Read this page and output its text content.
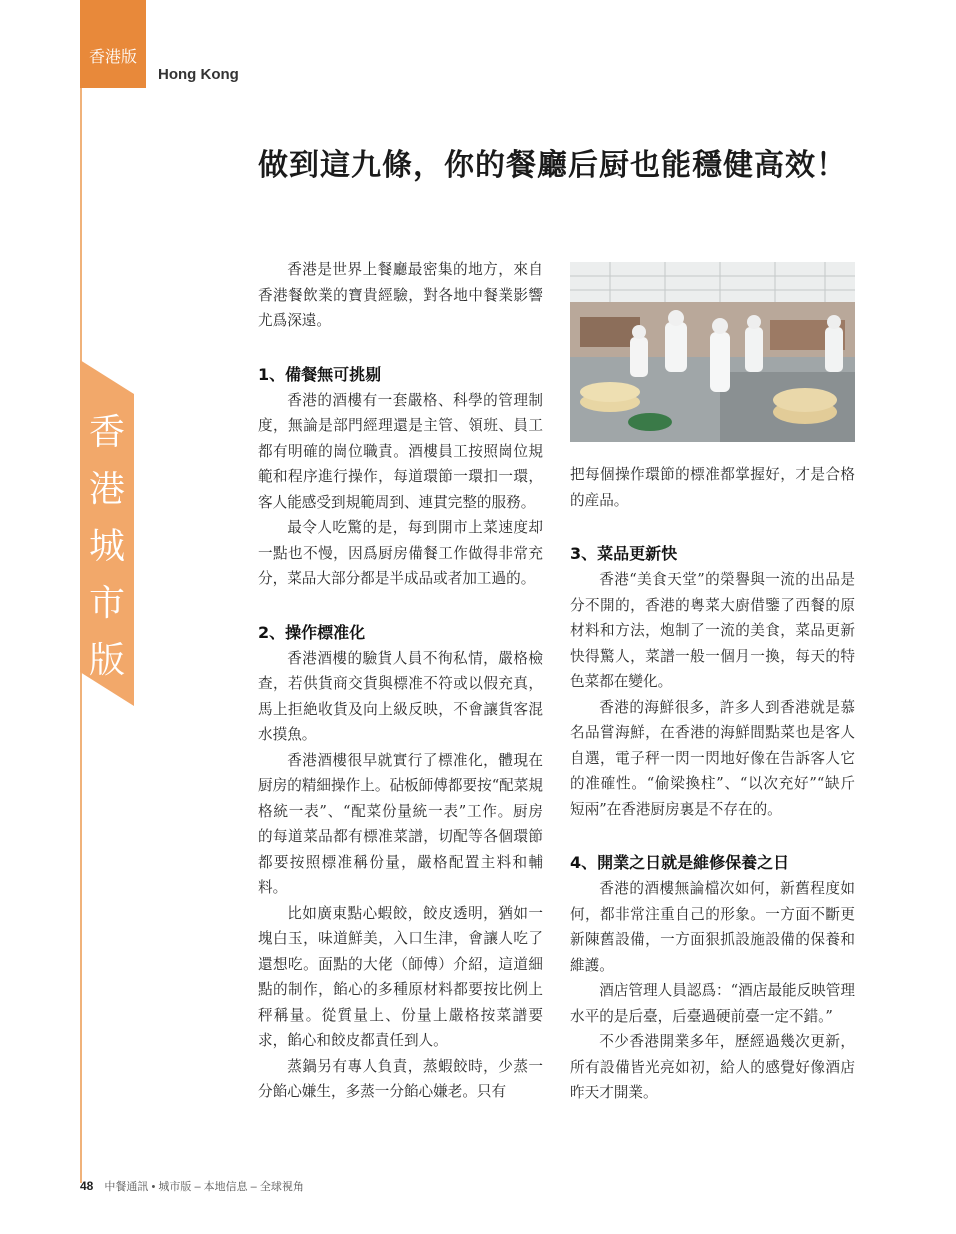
香港版
Hong Kong
香
港
城
市
版
做到這九條，你的餐廳后厨也能穩健高效！

香港是世界上餐廳最密集的地方，來自香港餐飲業的寶貴經驗，對各地中餐業影響尤爲深遠。

1、備餐無可挑剔

香港的酒樓有一套嚴格、科學的管理制度，無論是部門經理還是主管、領班、員工都有明確的崗位職責。酒樓員工按照崗位規範和程序進行操作，每道環節一環扣一環，客人能感受到規範周到、連貫完整的服務。

最令人吃驚的是，每到開市上菜速度却一點也不慢，因爲厨房備餐工作做得非常充分，菜品大部分都是半成品或者加工過的。

2、操作標准化

香港酒樓的驗貨人員不徇私情，嚴格檢查，若供貨商交貨與標准不符或以假充真，馬上拒絶收貨及向上級反映，不會讓貨客混水摸魚。

香港酒樓很早就實行了標准化，體現在厨房的精細操作上。砧板師傅都要按“配菜規格統一表”、“配菜份量統一表”工作。厨房的每道菜品都有標准菜譜，切配等各個環節都要按照標准稱份量，嚴格配置主料和輔料。

比如廣東點心蝦餃，餃皮透明，猶如一塊白玉，味道鮮美，入口生津，會讓人吃了還想吃。面點的大佬（師傅）介紹，這道細點的制作，餡心的多種原材料都要按比例上秤稱量。從質量上、份量上嚴格按菜譜要求，餡心和餃皮都責任到人。

蒸鍋另有專人負責，蒸蝦餃時，少蒸一分餡心嫌生，多蒸一分餡心嫌老。只有

把每個操作環節的標准都掌握好，才是合格的産品。

3、菜品更新快

香港“美食天堂”的榮譽與一流的出品是分不開的，香港的粵菜大廚借鑒了西餐的原材料和方法，炮制了一流的美食，菜品更新快得驚人，菜譜一般一個月一換，每天的特色菜都在變化。

香港的海鮮很多，許多人到香港就是慕名品嘗海鮮，在香港的海鮮間點菜也是客人自選，電子秤一閃一閃地好像在告訴客人它的准確性。“偷梁換柱”、“以次充好”“缺斤短兩”在香港厨房裏是不存在的。

4、開業之日就是維修保養之日

香港的酒樓無論檔次如何，新舊程度如何，都非常注重自己的形象。一方面不斷更新陳舊設備，一方面狠抓設施設備的保養和維護。

酒店管理人員認爲：“酒店最能反映管理水平的是后臺，后臺過硬前臺一定不錯。”

不少香港開業多年，歷經過幾次更新，所有設備皆光亮如初，給人的感覺好像酒店昨天才開業。

48 中餐通訊 • 城市版 – 本地信息 – 全球視角
